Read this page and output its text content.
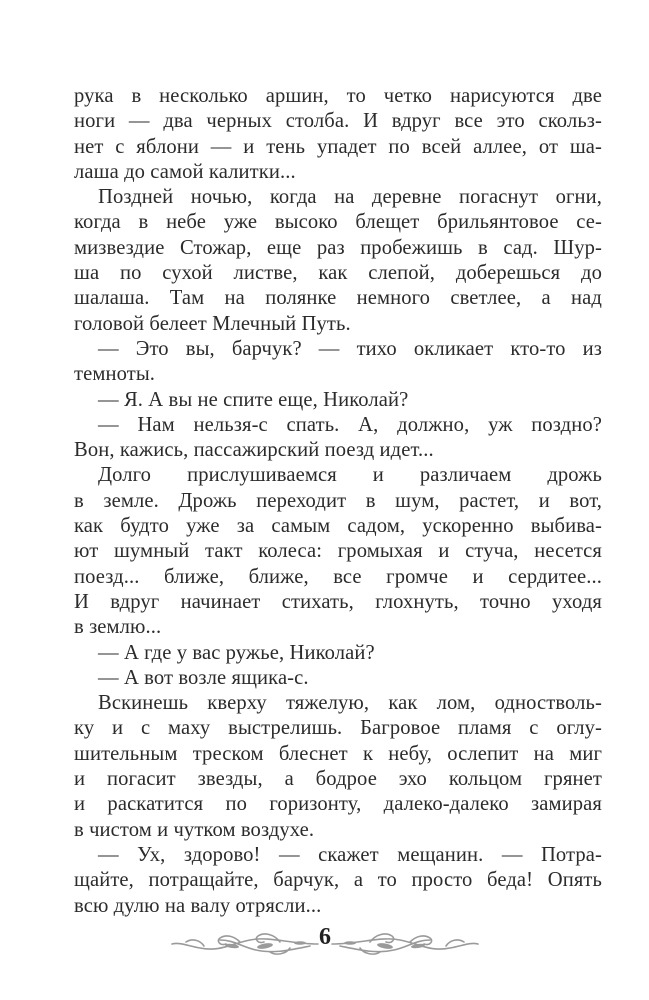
рука в несколько аршин, то четко нарисуются две
ноги — два черных столба. И вдруг все это скольз-
нет с яблони — и тень упадет по всей аллее, от ша-
лаша до самой калитки...
Поздней ночью, когда на деревне погаснут огни,
когда в небе уже высоко блещет брильянтовое се-
мизвездие Стожар, еще раз пробежишь в сад. Шур-
ша по сухой листве, как слепой, доберешься до
шалаша. Там на полянке немного светлее, а над
головой белеет Млечный Путь.
— Это вы, барчук? — тихо окликает кто-то из
темноты.
— Я. А вы не спите еще, Николай?
— Нам нельзя-с спать. А, должно, уж поздно?
Вон, кажись, пассажирский поезд идет...
Долго прислушиваемся и различаем дрожь
в земле. Дрожь переходит в шум, растет, и вот,
как будто уже за самым садом, ускоренно выбива-
ют шумный такт колеса: громыхая и стуча, несется
поезд... ближе, ближе, все громче и сердитее...
И вдруг начинает стихать, глохнуть, точно уходя
в землю...
— А где у вас ружье, Николай?
— А вот возле ящика-с.
Вскинешь кверху тяжелую, как лом, одностволь-
ку и с маху выстрелишь. Багровое пламя с оглу-
шительным треском блеснет к небу, ослепит на миг
и погасит звезды, а бодрое эхо кольцом грянет
и раскатится по горизонту, далеко-далеко замирая
в чистом и чутком воздухе.
— Ух, здорово! — скажет мещанин. — Потра-
щайте, потращайте, барчук, а то просто беда! Опять
всю дулю на валу отрясли...
6
